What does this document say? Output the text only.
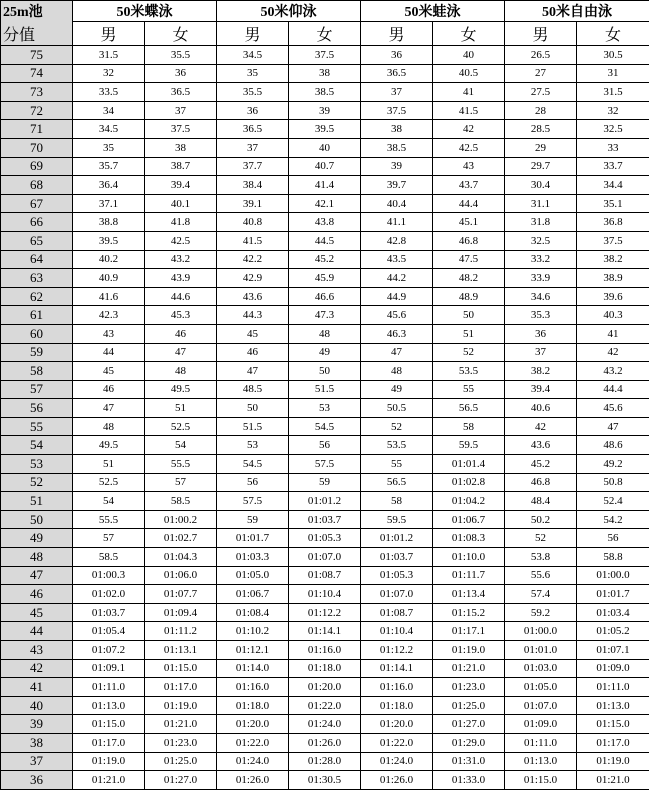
25m池	50米蝶泳		50米仰泳		50米蛙泳		50米自由泳	
分值	男	女	男	女	男	女	男	女
75	31.5	35.5	34.5	37.5	36	40	26.5	30.5
74	32	36	35	38	36.5	40.5	27	31
73	33.5	36.5	35.5	38.5	37	41	27.5	31.5
72	34	37	36	39	37.5	41.5	28	32
71	34.5	37.5	36.5	39.5	38	42	28.5	32.5
70	35	38	37	40	38.5	42.5	29	33
69	35.7	38.7	37.7	40.7	39	43	29.7	33.7
68	36.4	39.4	38.4	41.4	39.7	43.7	30.4	34.4
67	37.1	40.1	39.1	42.1	40.4	44.4	31.1	35.1
66	38.8	41.8	40.8	43.8	41.1	45.1	31.8	36.8
65	39.5	42.5	41.5	44.5	42.8	46.8	32.5	37.5
64	40.2	43.2	42.2	45.2	43.5	47.5	33.2	38.2
63	40.9	43.9	42.9	45.9	44.2	48.2	33.9	38.9
62	41.6	44.6	43.6	46.6	44.9	48.9	34.6	39.6
61	42.3	45.3	44.3	47.3	45.6	50	35.3	40.3
60	43	46	45	48	46.3	51	36	41
59	44	47	46	49	47	52	37	42
58	45	48	47	50	48	53.5	38.2	43.2
57	46	49.5	48.5	51.5	49	55	39.4	44.4
56	47	51	50	53	50.5	56.5	40.6	45.6
55	48	52.5	51.5	54.5	52	58	42	47
54	49.5	54	53	56	53.5	59.5	43.6	48.6
53	51	55.5	54.5	57.5	55	01:01.4	45.2	49.2
52	52.5	57	56	59	56.5	01:02.8	46.8	50.8
51	54	58.5	57.5	01:01.2	58	01:04.2	48.4	52.4
50	55.5	01:00.2	59	01:03.7	59.5	01:06.7	50.2	54.2
49	57	01:02.7	01:01.7	01:05.3	01:01.2	01:08.3	52	56
48	58.5	01:04.3	01:03.3	01:07.0	01:03.7	01:10.0	53.8	58.8
47	01:00.3	01:06.0	01:05.0	01:08.7	01:05.3	01:11.7	55.6	01:00.0
46	01:02.0	01:07.7	01:06.7	01:10.4	01:07.0	01:13.4	57.4	01:01.7
45	01:03.7	01:09.4	01:08.4	01:12.2	01:08.7	01:15.2	59.2	01:03.4
44	01:05.4	01:11.2	01:10.2	01:14.1	01:10.4	01:17.1	01:00.0	01:05.2
43	01:07.2	01:13.1	01:12.1	01:16.0	01:12.2	01:19.0	01:01.0	01:07.1
42	01:09.1	01:15.0	01:14.0	01:18.0	01:14.1	01:21.0	01:03.0	01:09.0
41	01:11.0	01:17.0	01:16.0	01:20.0	01:16.0	01:23.0	01:05.0	01:11.0
40	01:13.0	01:19.0	01:18.0	01:22.0	01:18.0	01:25.0	01:07.0	01:13.0
39	01:15.0	01:21.0	01:20.0	01:24.0	01:20.0	01:27.0	01:09.0	01:15.0
38	01:17.0	01:23.0	01:22.0	01:26.0	01:22.0	01:29.0	01:11.0	01:17.0
37	01:19.0	01:25.0	01:24.0	01:28.0	01:24.0	01:31.0	01:13.0	01:19.0
36	01:21.0	01:27.0	01:26.0	01:30.5	01:26.0	01:33.0	01:15.0	01:21.0
